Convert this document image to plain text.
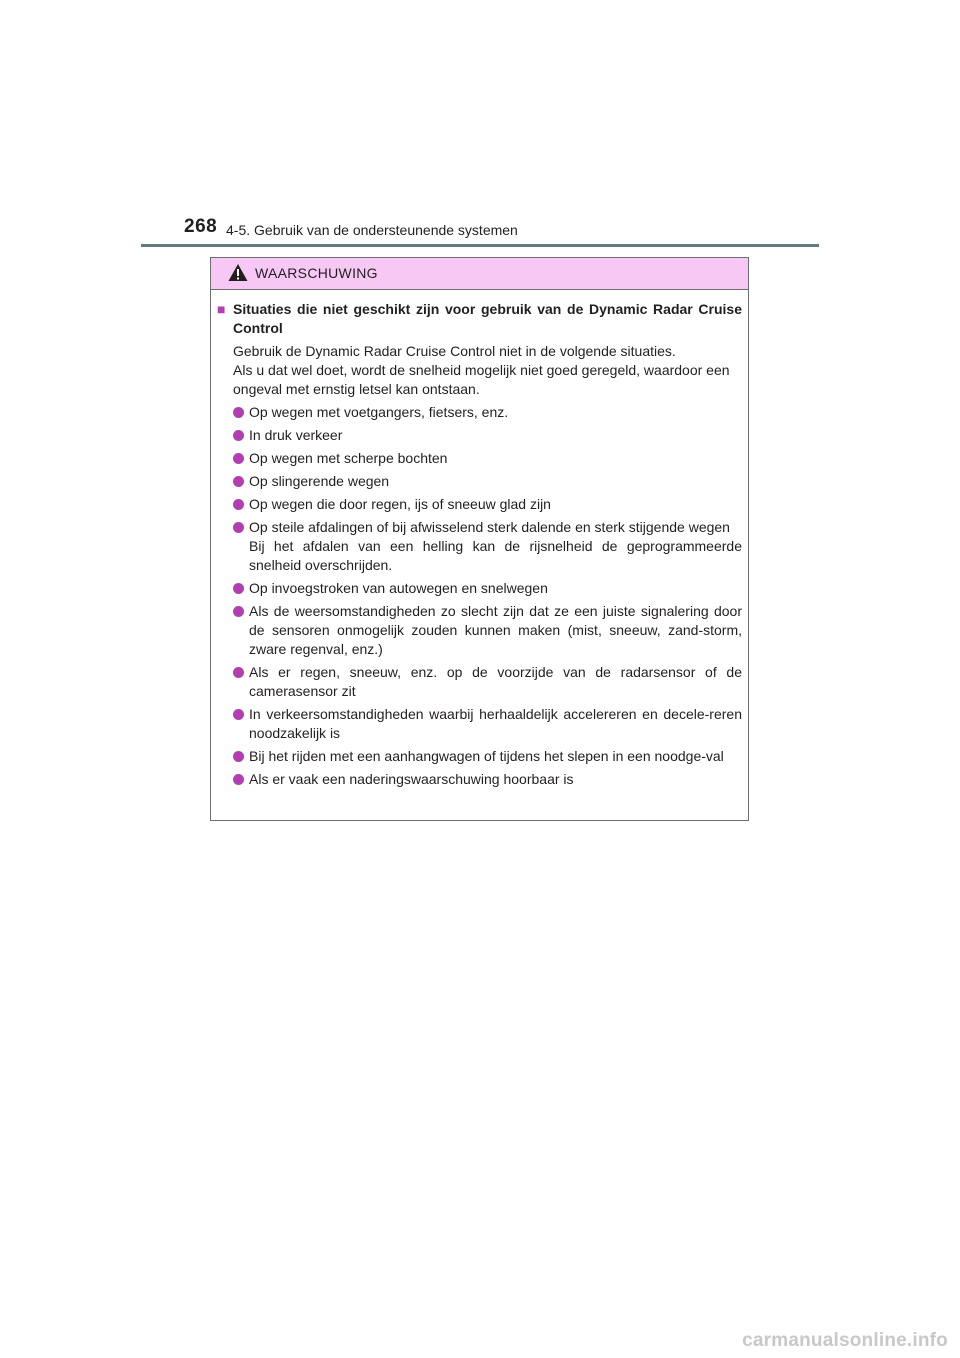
268 4-5. Gebruik van de ondersteunende systemen
WAARSCHUWING
■ Situaties die niet geschikt zijn voor gebruik van de Dynamic Radar Cruise Control

Gebruik de Dynamic Radar Cruise Control niet in de volgende situaties.

Als u dat wel doet, wordt de snelheid mogelijk niet goed geregeld, waardoor een ongeval met ernstig letsel kan ontstaan.

Op wegen met voetgangers, fietsers, enz.
In druk verkeer
Op wegen met scherpe bochten
Op slingerende wegen
Op wegen die door regen, ijs of sneeuw glad zijn
Op steile afdalingen of bij afwisselend sterk dalende en sterk stijgende wegen
Bij het afdalen van een helling kan de rijsnelheid de geprogrammeerde snelheid overschrijden.
Op invoegstroken van autowegen en snelwegen
Als de weersomstandigheden zo slecht zijn dat ze een juiste signalering door de sensoren onmogelijk zouden kunnen maken (mist, sneeuw, zand-storm, zware regenval, enz.)
Als er regen, sneeuw, enz. op de voorzijde van de radarsensor of de camerasensor zit
In verkeersomstandigheden waarbij herhaaldelijk accelereren en decele-reren noodzakelijk is
Bij het rijden met een aanhangwagen of tijdens het slepen in een noodge-val
Als er vaak een naderingswaarschuwing hoorbaar is
carmanualsonline.info
